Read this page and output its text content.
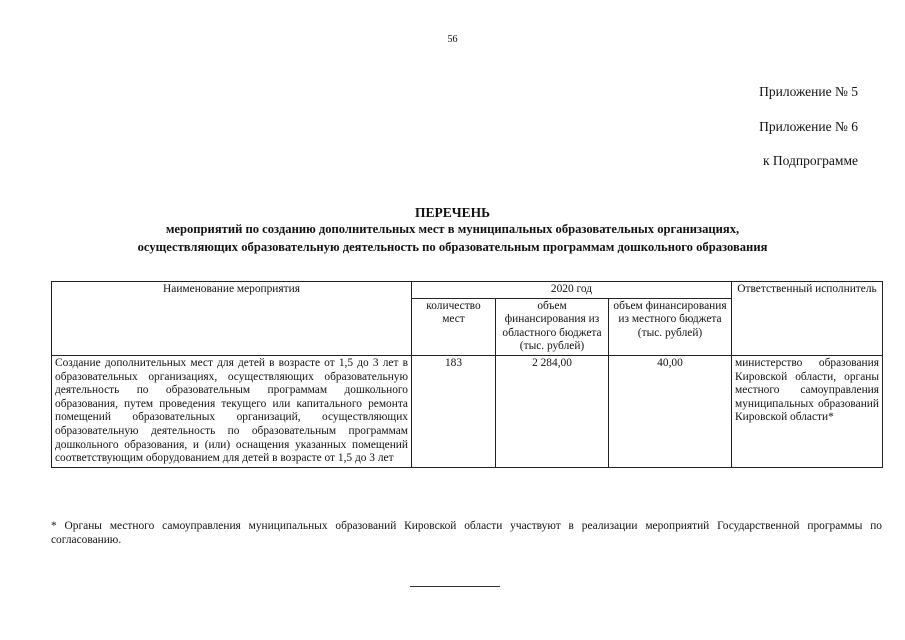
56
Приложение № 5
Приложение № 6
к Подпрограмме
ПЕРЕЧЕНЬ
мероприятий по созданию дополнительных мест в муниципальных образовательных организациях,
осуществляющих образовательную деятельность по образовательным программам дошкольного образования
Наименование мероприятия	2020 год			Ответственный исполнитель
	количество мест	объем финансирования из областного бюджета (тыс. рублей)	объем финансирования из местного бюджета (тыс. рублей)	
Создание дополнительных мест для детей в возрасте от 1,5 до 3 лет в образовательных организациях, осуществляющих образовательную деятельность по образовательным программам дошкольного образования, путем проведения текущего или капитального ремонта помещений образовательных организаций, осуществляющих образовательную деятельность по образовательным программам дошкольного образования, и (или) оснащения указанных помещений соответствующим оборудованием для детей в возрасте от 1,5 до 3 лет	183	2 284,00	40,00	министерство образования Кировской области, органы местного самоуправления муниципальных образований Кировской области*
* Органы местного самоуправления муниципальных образований Кировской области участвуют в реализации мероприятий Государственной программы по согласованию.
